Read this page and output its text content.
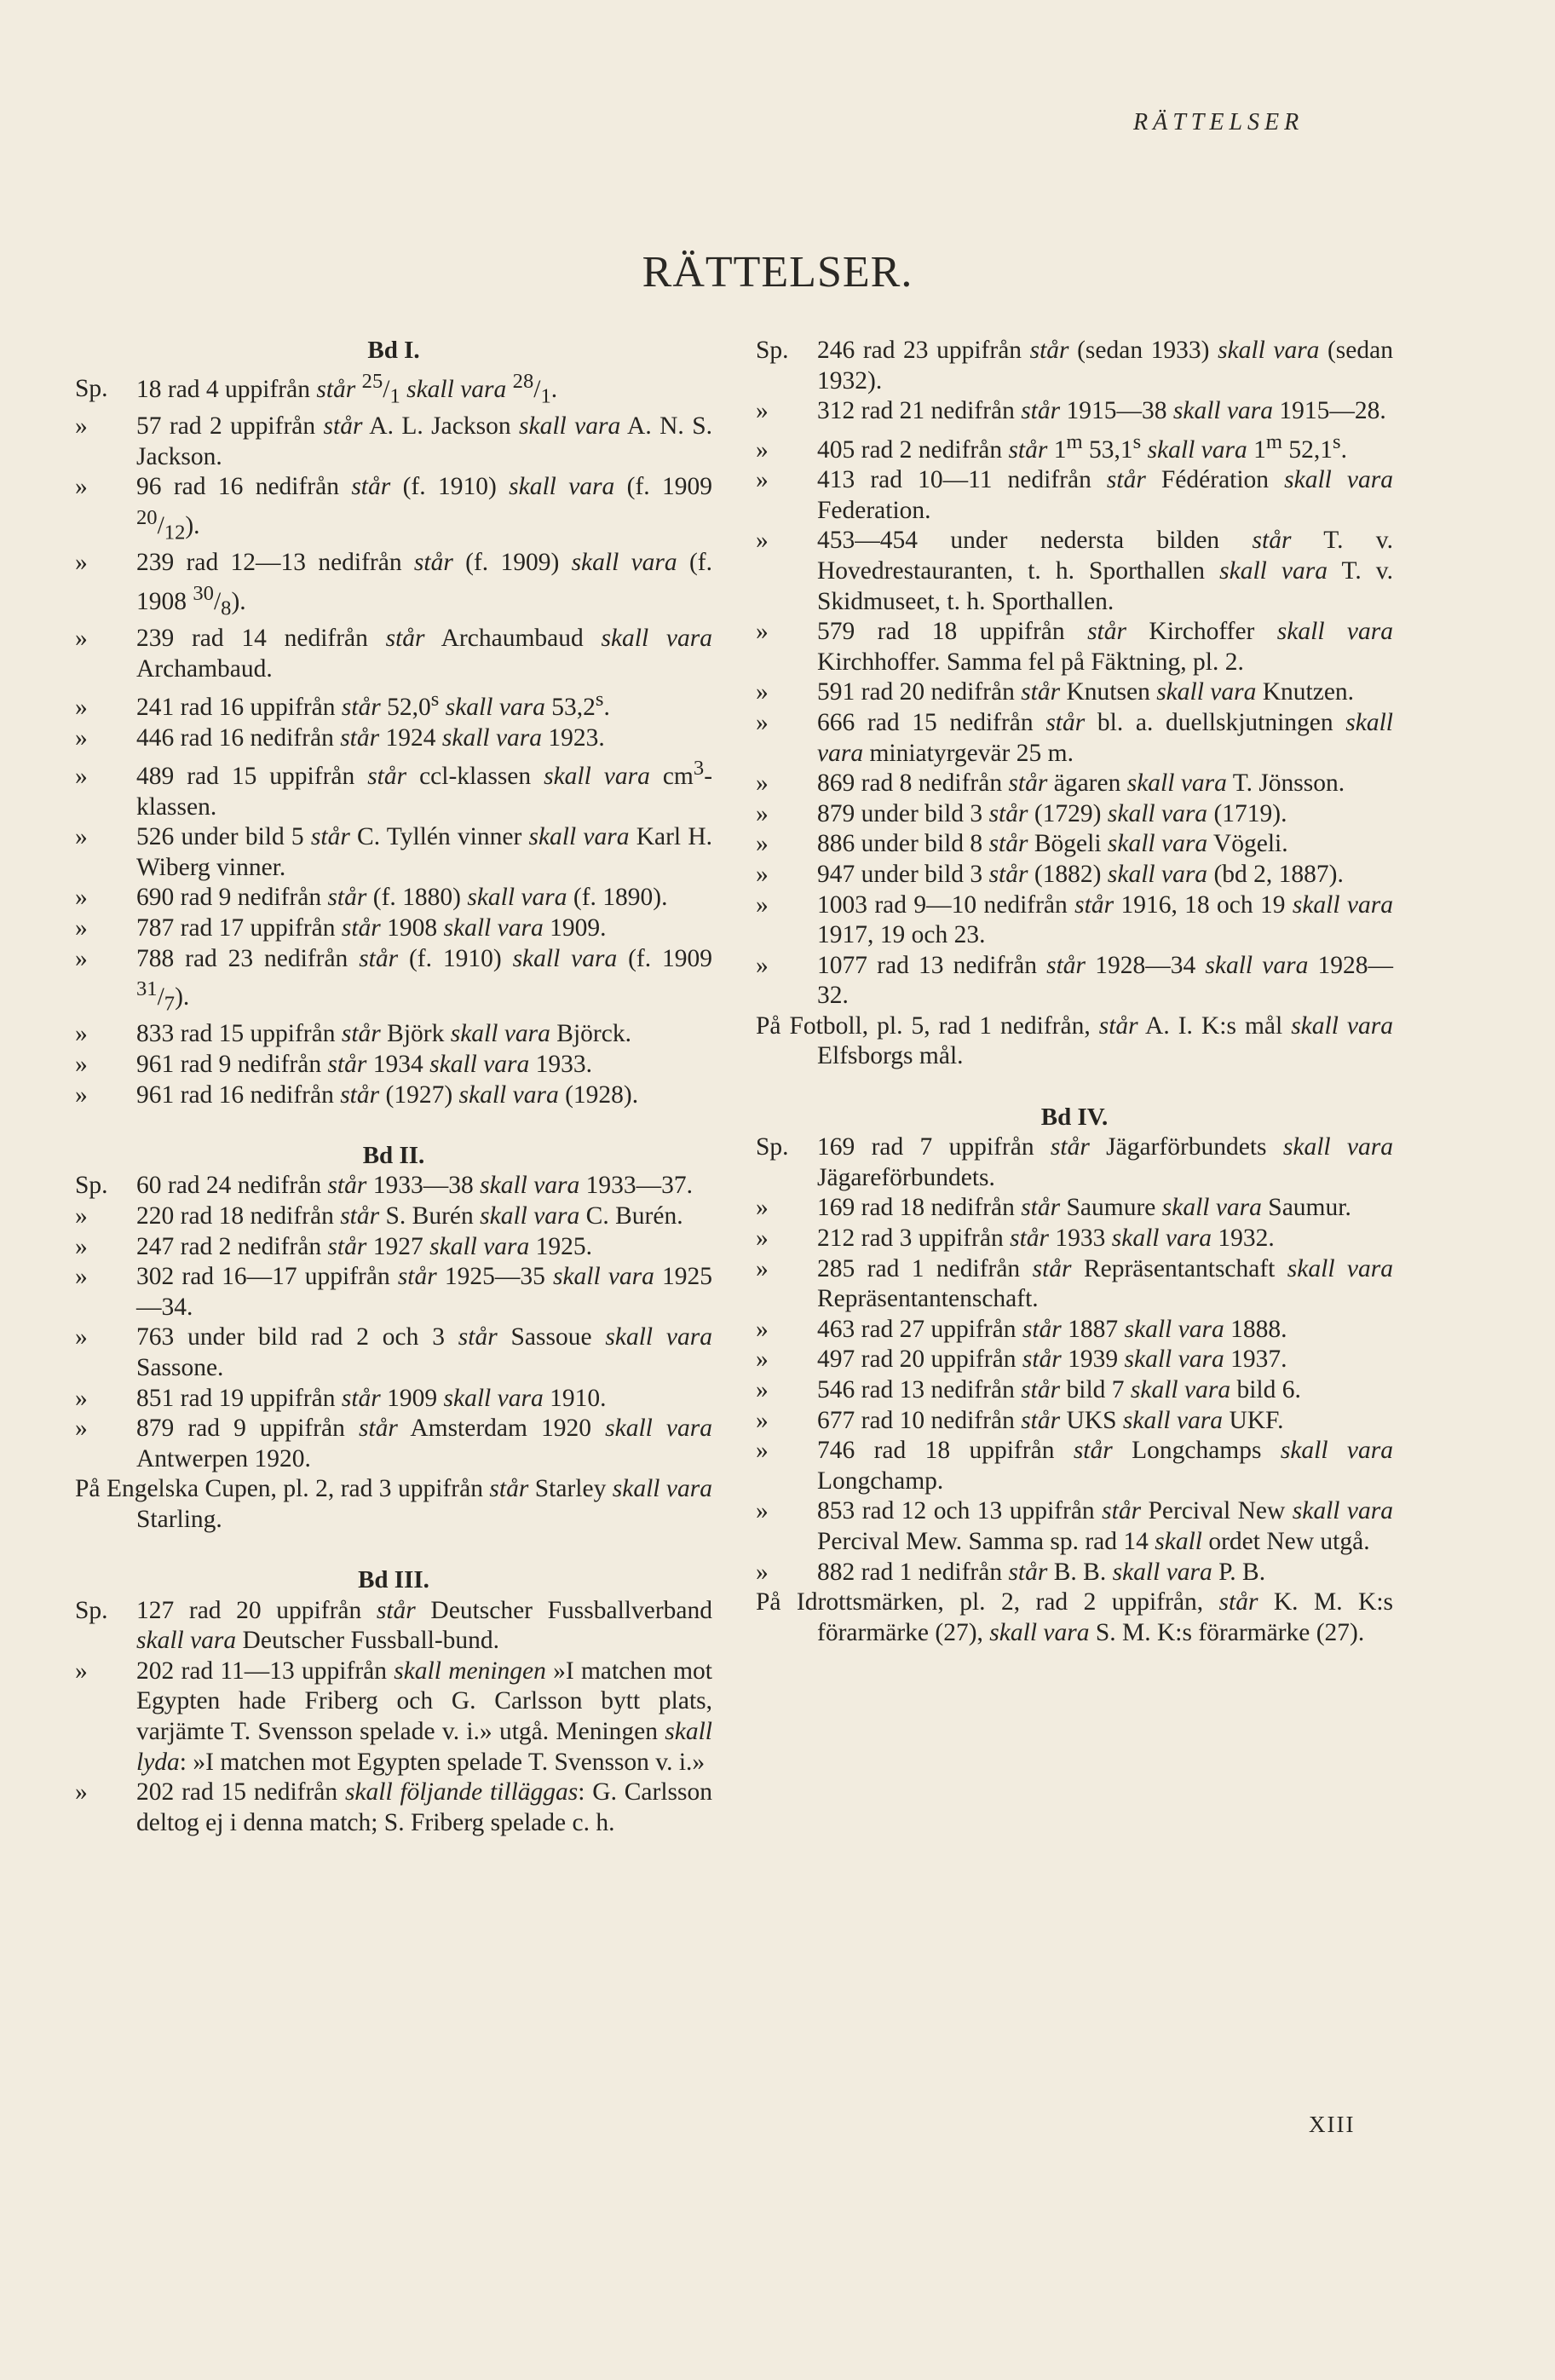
RÄTTELSER
RÄTTELSER.
Bd I.

Sp. 18 rad 4 uppifrån står $^{25}/_1$ skall vara $^{28}/_1$.

» 57 rad 2 uppifrån står A. L. Jackson skall vara A. N. S. Jackson.

» 96 rad 16 nedifrån står (f. 1910) skall vara (f. 1909 $^{20}/_{12}$).

» 239 rad 12—13 nedifrån står (f. 1909) skall vara (f. 1908 $^{30}/_8$).

» 239 rad 14 nedifrån står Archaumbaud skall vara Archambaud.

» 241 rad 16 uppifrån står 52,0$^s$ skall vara 53,2$^s$.

» 446 rad 16 nedifrån står 1924 skall vara 1923.

» 489 rad 15 uppifrån står ccl-klassen skall vara $cm^3$-klassen.

» 526 under bild 5 står C. Tyllén vinner skall vara Karl H. Wiberg vinner.

» 690 rad 9 nedifrån står (f. 1880) skall vara (f. 1890).

» 787 rad 17 uppifrån står 1908 skall vara 1909.

» 788 rad 23 nedifrån står (f. 1910) skall vara (f. 1909 $^{31}/_7$).

» 833 rad 15 uppifrån står Björk skall vara Björck.

» 961 rad 9 nedifrån står 1934 skall vara 1933.

» 961 rad 16 nedifrån står (1927) skall vara (1928).

Bd II.

Sp. 60 rad 24 nedifrån står 1933—38 skall vara 1933—37.

» 220 rad 18 nedifrån står S. Burén skall vara C. Burén.

» 247 rad 2 nedifrån står 1927 skall vara 1925.

» 302 rad 16—17 uppifrån står 1925—35 skall vara 1925—34.

» 763 under bild rad 2 och 3 står Sassoue skall vara Sassone.

» 851 rad 19 uppifrån står 1909 skall vara 1910.

» 879 rad 9 uppifrån står Amsterdam 1920 skall vara Antwerpen 1920.

På Engelska Cupen, pl. 2, rad 3 uppifrån står Starley skall vara Starling.

Bd III.

Sp. 127 rad 20 uppifrån står Deutscher Fussballverband skall vara Deutscher Fussball-bund.

» 202 rad 11—13 uppifrån skall meningen »I matchen mot Egypten hade Friberg och G. Carlsson bytt plats, varjämte T. Svensson spelade v. i.» utgå. Meningen skall lyda: »I matchen mot Egypten spelade T. Svensson v. i.»

» 202 rad 15 nedifrån skall följande tilläggas: G. Carlsson deltog ej i denna match; S. Friberg spelade c. h.

Sp. 246 rad 23 uppifrån står (sedan 1933) skall vara (sedan 1932).

» 312 rad 21 nedifrån står 1915—38 skall vara 1915—28.

» 405 rad 2 nedifrån står 1$^m$ 53,1$^s$ skall vara 1$^m$ 52,1$^s$.

» 413 rad 10—11 nedifrån står Fédération skall vara Federation.

» 453—454 under nedersta bilden står T. v. Hovedrestauranten, t. h. Sporthallen skall vara T. v. Skidmuseet, t. h. Sporthallen.

» 579 rad 18 uppifrån står Kirchoffer skall vara Kirchhoffer. Samma fel på Fäktning, pl. 2.

» 591 rad 20 nedifrån står Knutsen skall vara Knutzen.

» 666 rad 15 nedifrån står bl. a. duellskjutningen skall vara miniatyrgevär 25 m.

» 869 rad 8 nedifrån står ägaren skall vara T. Jönsson.

» 879 under bild 3 står (1729) skall vara (1719).

» 886 under bild 8 står Bögeli skall vara Vögeli.

» 947 under bild 3 står (1882) skall vara (bd 2, 1887).

» 1003 rad 9—10 nedifrån står 1916, 18 och 19 skall vara 1917, 19 och 23.

» 1077 rad 13 nedifrån står 1928—34 skall vara 1928—32.

På Fotboll, pl. 5, rad 1 nedifrån, står A. I. K:s mål skall vara Elfsborgs mål.

Bd IV.

Sp. 169 rad 7 uppifrån står Jägarförbundets skall vara Jägareförbundets.

» 169 rad 18 nedifrån står Saumure skall vara Saumur.

» 212 rad 3 uppifrån står 1933 skall vara 1932.

» 285 rad 1 nedifrån står Repräsentantschaft skall vara Repräsentantenschaft.

» 463 rad 27 uppifrån står 1887 skall vara 1888.

» 497 rad 20 uppifrån står 1939 skall vara 1937.

» 546 rad 13 nedifrån står bild 7 skall vara bild 6.

» 677 rad 10 nedifrån står UKS skall vara UKF.

» 746 rad 18 uppifrån står Longchamps skall vara Longchamp.

» 853 rad 12 och 13 uppifrån står Percival New skall vara Percival Mew. Samma sp. rad 14 skall ordet New utgå.

» 882 rad 1 nedifrån står B. B. skall vara P. B.

På Idrottsmärken, pl. 2, rad 2 uppifrån, står K. M. K:s förarmärke (27), skall vara S. M. K:s förarmärke (27).

XIII
